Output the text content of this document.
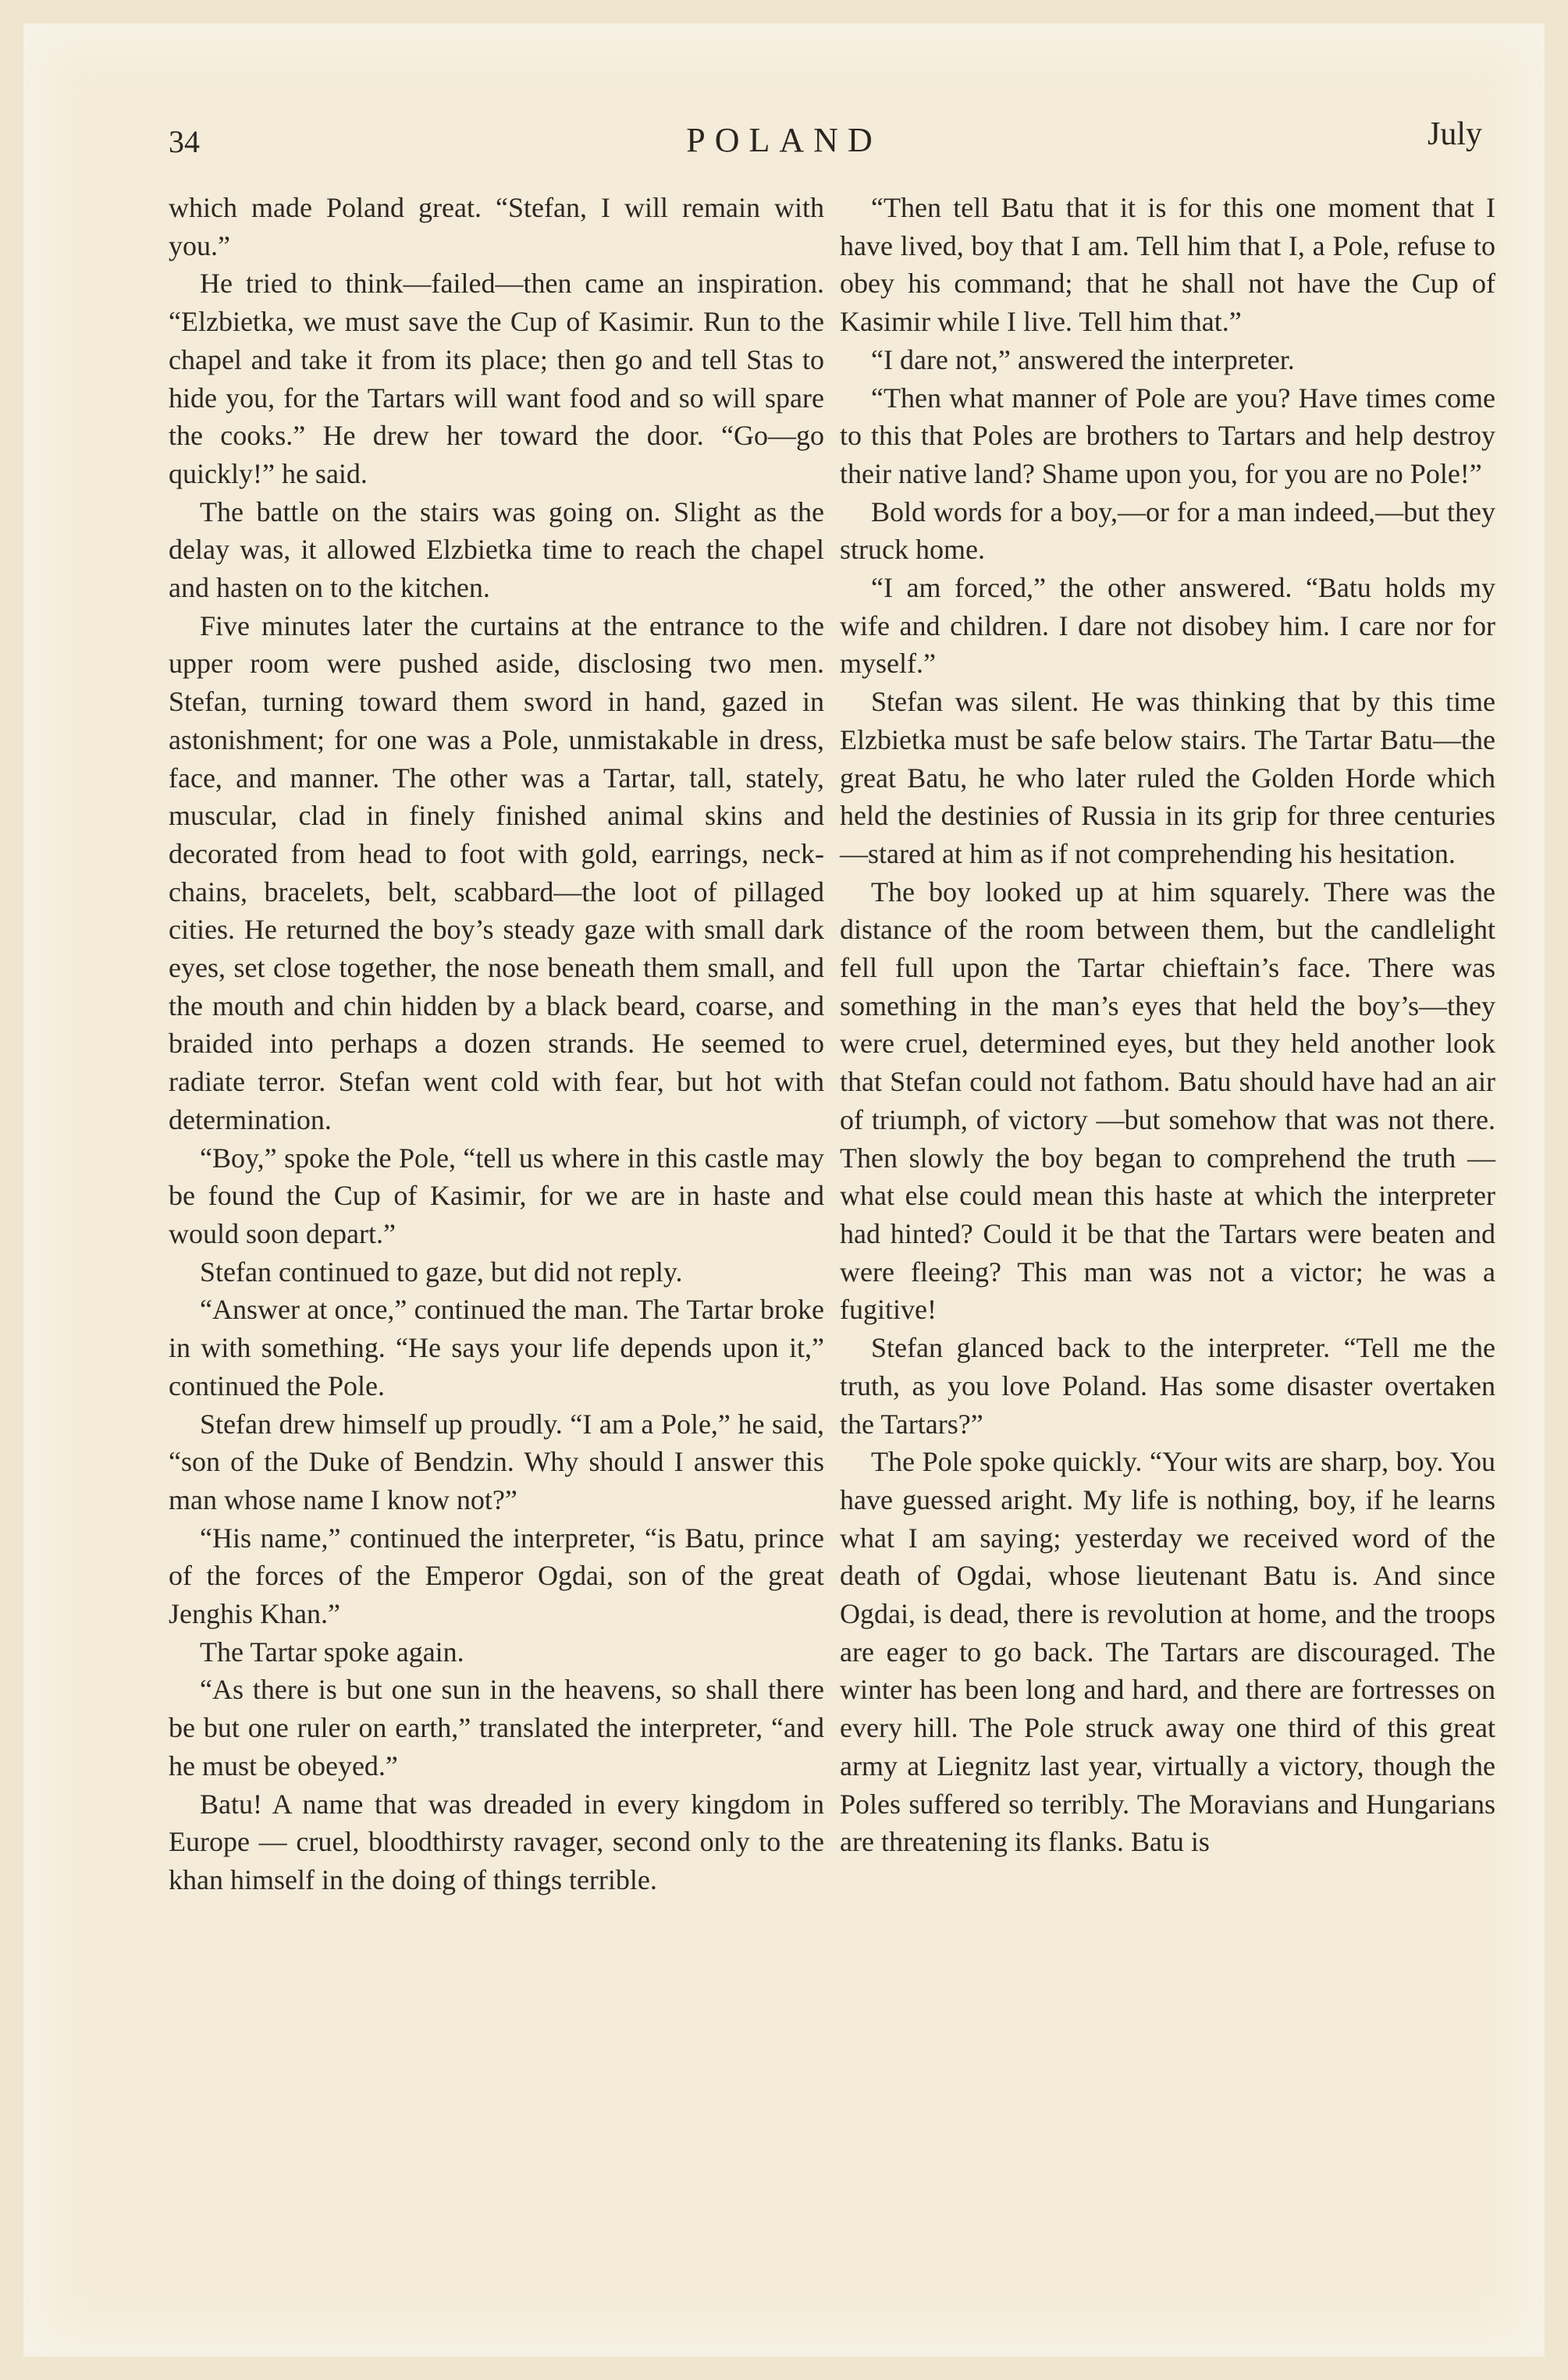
34	POLAND	July

which made Poland great. “Stefan, I will remain with you.”

He tried to think—failed—then came an inspiration. “Elzbietka, we must save the Cup of Kasimir. Run to the chapel and take it from its place; then go and tell Stas to hide you, for the Tartars will want food and so will spare the cooks.” He drew her toward the door. “Go—go quickly!” he said.

The battle on the stairs was going on. Slight as the delay was, it allowed Elzbietka time to reach the chapel and hasten on to the kitchen.

Five minutes later the curtains at the entrance to the upper room were pushed aside, disclosing two men. Stefan, turning toward them sword in hand, gazed in astonishment; for one was a Pole, unmistakable in dress, face, and manner. The other was a Tartar, tall, stately, muscular, clad in finely finished animal skins and decorated from head to foot with gold, earrings, neck-chains, bracelets, belt, scabbard—the loot of pillaged cities. He returned the boy’s steady gaze with small dark eyes, set close together, the nose beneath them small, and the mouth and chin hidden by a black beard, coarse, and braided into perhaps a dozen strands. He seemed to radiate terror. Stefan went cold with fear, but hot with determination.

“Boy,” spoke the Pole, “tell us where in this castle may be found the Cup of Kasimir, for we are in haste and would soon depart.”

Stefan continued to gaze, but did not reply.

“Answer at once,” continued the man. The Tartar broke in with something. “He says your life depends upon it,” continued the Pole.

Stefan drew himself up proudly. “I am a Pole,” he said, “son of the Duke of Bendzin. Why should I answer this man whose name I know not?”

“His name,” continued the interpreter, “is Batu, prince of the forces of the Emperor Ogdai, son of the great Jenghis Khan.”

The Tartar spoke again.

“As there is but one sun in the heavens, so shall there be but one ruler on earth,” translated the interpreter, “and he must be obeyed.”

Batu! A name that was dreaded in every kingdom in Europe — cruel, bloodthirsty ravager, second only to the khan himself in the doing of things terrible.

“Then tell Batu that it is for this one moment that I have lived, boy that I am. Tell him that I, a Pole, refuse to obey his command; that he shall not have the Cup of Kasimir while I live. Tell him that.”

“I dare not,” answered the interpreter.

“Then what manner of Pole are you? Have times come to this that Poles are brothers to Tartars and help destroy their native land? Shame upon you, for you are no Pole!”

Bold words for a boy,—or for a man indeed,—but they struck home.

“I am forced,” the other answered. “Batu holds my wife and children. I dare not disobey him. I care nor for myself.”

Stefan was silent. He was thinking that by this time Elzbietka must be safe below stairs. The Tartar Batu—the great Batu, he who later ruled the Golden Horde which held the destinies of Russia in its grip for three centuries—stared at him as if not comprehending his hesitation.

The boy looked up at him squarely. There was the distance of the room between them, but the candlelight fell full upon the Tartar chieftain’s face. There was something in the man’s eyes that held the boy’s—they were cruel, determined eyes, but they held another look that Stefan could not fathom. Batu should have had an air of triumph, of victory —but somehow that was not there. Then slowly the boy began to comprehend the truth —what else could mean this haste at which the interpreter had hinted? Could it be that the Tartars were beaten and were fleeing? This man was not a victor; he was a fugitive!

Stefan glanced back to the interpreter. “Tell me the truth, as you love Poland. Has some disaster overtaken the Tartars?”

The Pole spoke quickly. “Your wits are sharp, boy. You have guessed aright. My life is nothing, boy, if he learns what I am saying; yesterday we received word of the death of Ogdai, whose lieutenant Batu is. And since Ogdai, is dead, there is revolution at home, and the troops are eager to go back. The Tartars are discouraged. The winter has been long and hard, and there are fortresses on every hill. The Pole struck away one third of this great army at Liegnitz last year, virtually a victory, though the Poles suffered so terribly. The Moravians and Hungarians are threatening its flanks. Batu is
